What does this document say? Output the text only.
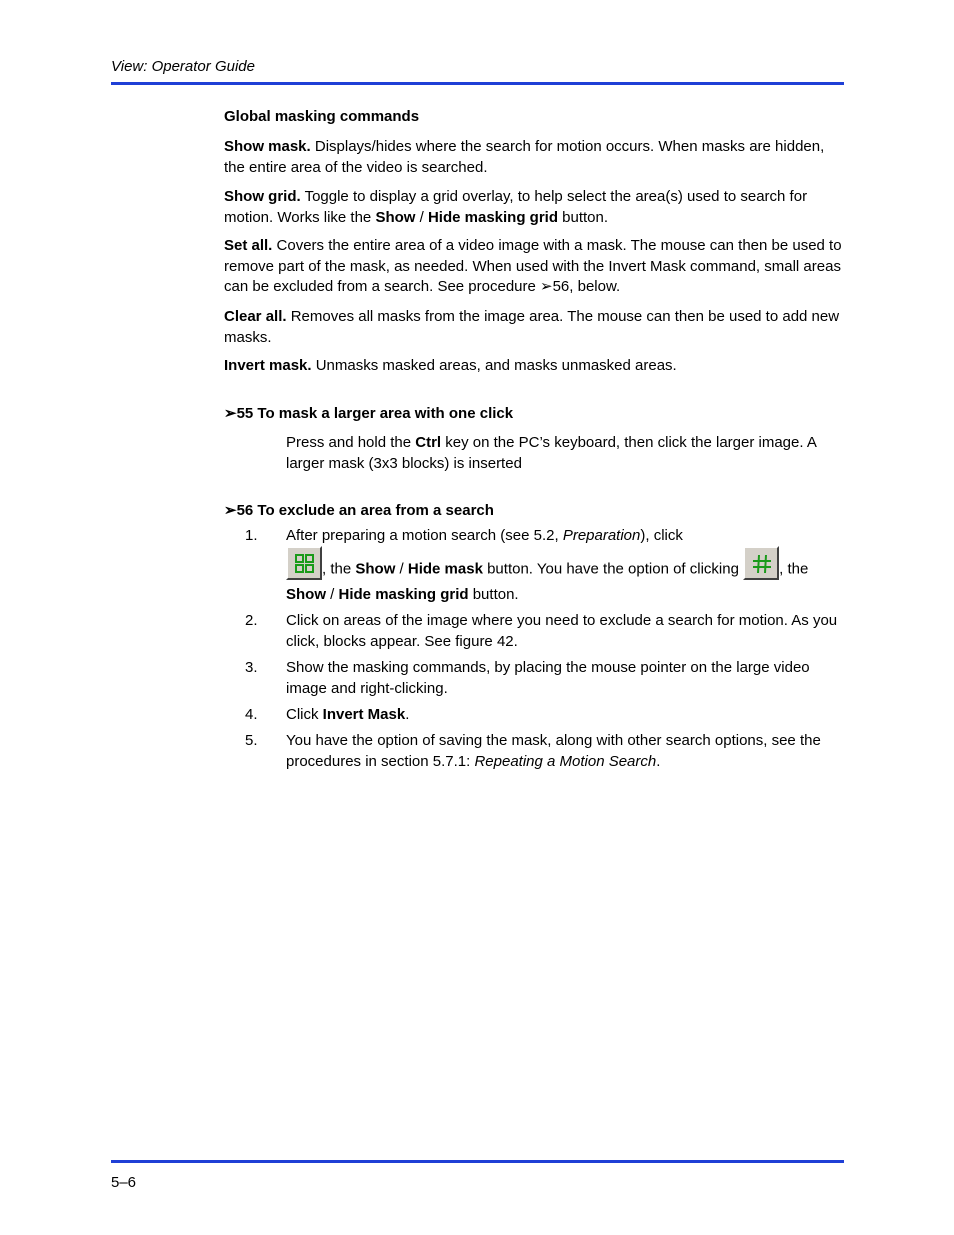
View: Operator Guide
Global masking commands

Show mask. Displays/hides where the search for motion occurs. When masks are hidden, the entire area of the video is searched.

Show grid. Toggle to display a grid overlay, to help select the area(s) used to search for motion. Works like the Show / Hide masking grid button.

Set all. Covers the entire area of a video image with a mask. The mouse can then be used to remove part of the mask, as needed. When used with the Invert Mask command, small areas can be excluded from a search. See procedure ➢56, below.

Clear all. Removes all masks from the image area. The mouse can then be used to add new masks.

Invert mask. Unmasks masked areas, and masks unmasked areas.

➢55 To mask a larger area with one click

Press and hold the Ctrl key on the PC’s keyboard, then click the larger image. A larger mask (3x3 blocks) is inserted

➢56 To exclude an area from a search
1. After preparing a motion search (see 5.2, Preparation), click

, the Show / Hide mask button. You have the option of clicking
, the

Show / Hide masking grid button.

2. Click on areas of the image where you need to exclude a search for motion. As you click, blocks appear. See figure 42.

3. Show the masking commands, by placing the mouse pointer on the large video image and right-clicking.

4. Click Invert Mask.

5. You have the option of saving the mask, along with other search options, see the procedures in section 5.7.1: Repeating a Motion Search.

5–6
